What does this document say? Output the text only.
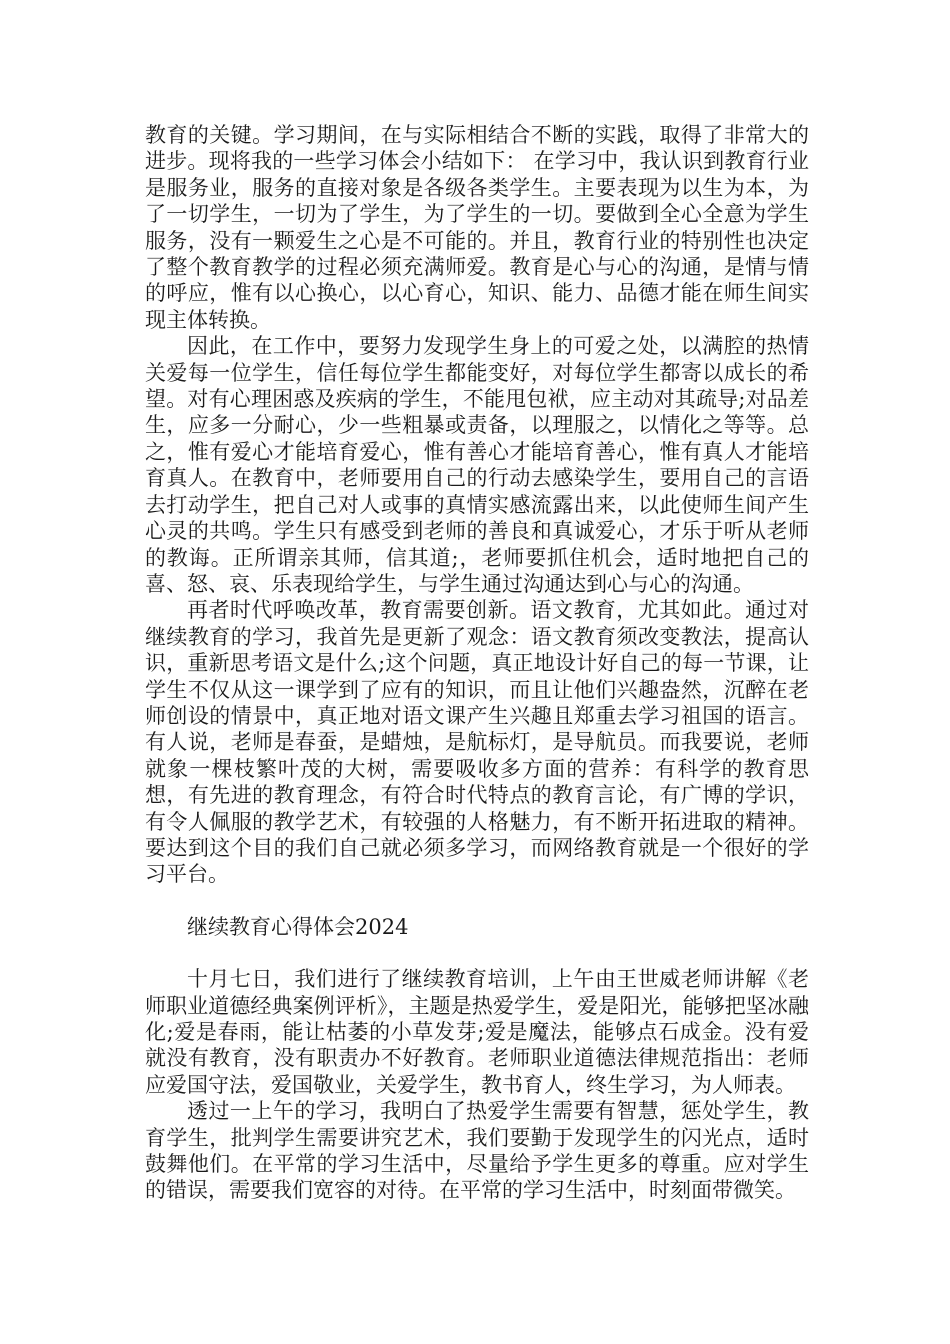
教育的关键。学习期间，在与实际相结合不断的实践，取得了非常大的进步。现将我的一些学习体会小结如下： 在学习中，我认识到教育行业是服务业，服务的直接对象是各级各类学生。主要表现为以生为本，为了一切学生，一切为了学生，为了学生的一切。要做到全心全意为学生服务，没有一颗爱生之心是不可能的。并且，教育行业的特别性也决定了整个教育教学的过程必须充满师爱。教育是心与心的沟通，是情与情的呼应，惟有以心换心，以心育心，知识、能力、品德才能在师生间实现主体转换。

因此，在工作中，要努力发现学生身上的可爱之处，以满腔的热情关爱每一位学生，信任每位学生都能变好，对每位学生都寄以成长的希望。对有心理困惑及疾病的学生，不能甩包袱，应主动对其疏导;对品差生，应多一分耐心，少一些粗暴或责备，以理服之，以情化之等等。总之，惟有爱心才能培育爱心，惟有善心才能培育善心，惟有真人才能培育真人。在教育中，老师要用自己的行动去感染学生，要用自己的言语去打动学生，把自己对人或事的真情实感流露出来，以此使师生间产生心灵的共鸣。学生只有感受到老师的善良和真诚爱心，才乐于听从老师的教诲。正所谓亲其师，信其道;，老师要抓住机会，适时地把自己的喜、怒、哀、乐表现给学生，与学生通过沟通达到心与心的沟通。

再者时代呼唤改革，教育需要创新。语文教育，尤其如此。通过对继续教育的学习，我首先是更新了观念：语文教育须改变教法，提高认识，重新思考语文是什么;这个问题，真正地设计好自己的每一节课，让学生不仅从这一课学到了应有的知识，而且让他们兴趣盎然，沉醉在老师创设的情景中，真正地对语文课产生兴趣且郑重去学习祖国的语言。有人说，老师是春蚕，是蜡烛，是航标灯，是导航员。而我要说，老师就象一棵枝繁叶茂的大树，需要吸收多方面的营养：有科学的教育思想，有先进的教育理念，有符合时代特点的教育言论，有广博的学识，有令人佩服的教学艺术，有较强的人格魅力，有不断开拓进取的精神。要达到这个目的我们自己就必须多学习，而网络教育就是一个很好的学习平台。

继续教育心得体会2024

十月七日，我们进行了继续教育培训，上午由王世威老师讲解《老师职业道德经典案例评析》，主题是热爱学生，爱是阳光，能够把坚冰融化;爱是春雨，能让枯萎的小草发芽;爱是魔法，能够点石成金。没有爱就没有教育，没有职责办不好教育。老师职业道德法律规范指出：老师应爱国守法，爱国敬业，关爱学生，教书育人，终生学习，为人师表。

透过一上午的学习，我明白了热爱学生需要有智慧，惩处学生，教育学生，批判学生需要讲究艺术，我们要勤于发现学生的闪光点，适时鼓舞他们。在平常的学习生活中，尽量给予学生更多的尊重。应对学生的错误，需要我们宽容的对待。在平常的学习生活中，时刻面带微笑。
